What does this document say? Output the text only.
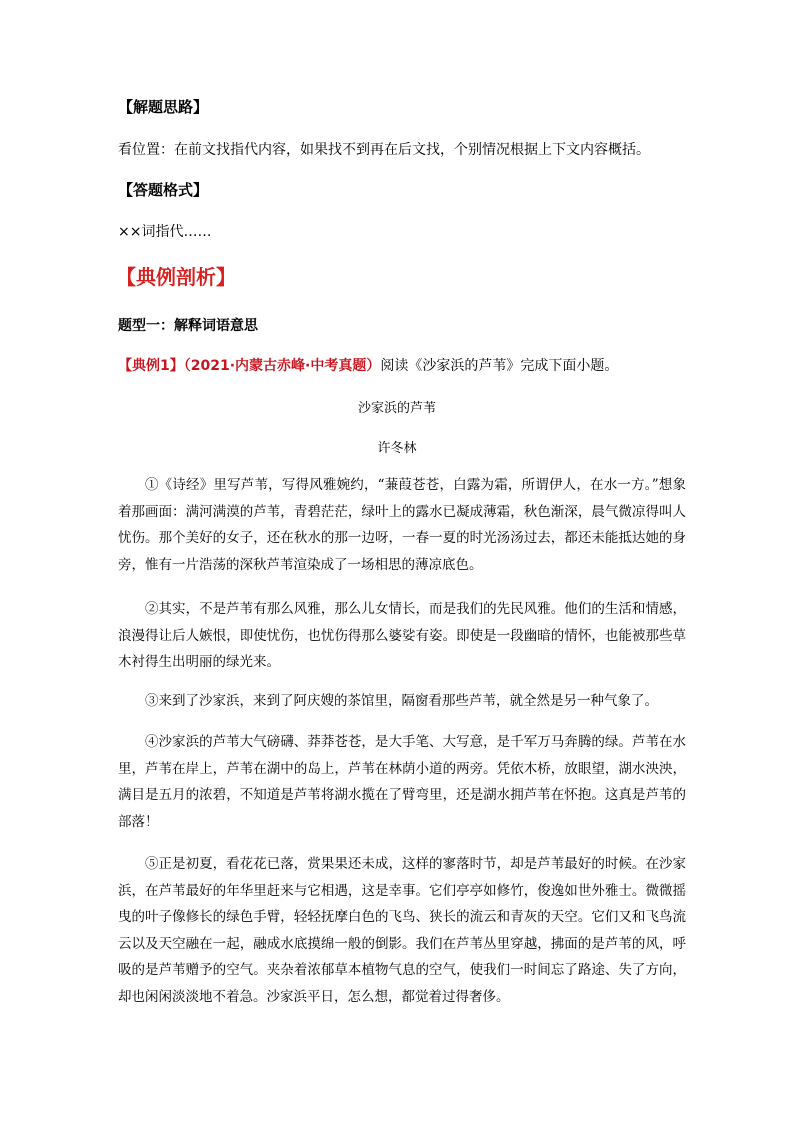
【解题思路】
看位置：在前文找指代内容，如果找不到再在后文找，个别情况根据上下文内容概括。
【答题格式】
××词指代……
【典例剖析】
题型一：解释词语意思
【典例1】（2021·内蒙古赤峰·中考真题）阅读《沙家浜的芦苇》完成下面小题。
沙家浜的芦苇
许冬林

①《诗经》里写芦苇，写得风雅婉约，“蒹葭苍苍，白露为霜，所谓伊人，在水一方。”想象着那画面：满河满漠的芦苇，青碧茫茫，绿叶上的露水已凝成薄霜，秋色渐深，晨气微凉得叫人忧伤。那个美好的女子，还在秋水的那一边呀，一春一夏的时光汤汤过去，都还未能抵达她的身旁，惟有一片浩荡的深秋芦苇渲染成了一场相思的薄凉底色。

②其实，不是芦苇有那么风雅，那么儿女情长，而是我们的先民风雅。他们的生活和情感，浪漫得让后人嫉恨，即使忧伤，也忧伤得那么婆娑有姿。即使是一段幽暗的情怀，也能被那些草木衬得生出明丽的绿光来。

③来到了沙家浜，来到了阿庆嫂的茶馆里，隔窗看那些芦苇，就全然是另一种气象了。

④沙家浜的芦苇大气磅礴、莽莽苍苍，是大手笔、大写意，是千军万马奔腾的绿。芦苇在水里，芦苇在岸上，芦苇在湖中的岛上，芦苇在林荫小道的两旁。凭依木桥，放眼望，湖水泱泱，满目是五月的浓碧，不知道是芦苇将湖水揽在了臂弯里，还是湖水拥芦苇在怀抱。这真是芦苇的部落！

⑤正是初夏，看花花已落，赏果果还未成，这样的寥落时节，却是芦苇最好的时候。在沙家浜，在芦苇最好的年华里赶来与它相遇，这是幸事。它们亭亭如修竹，俊逸如世外雅士。微微摇曳的叶子像修长的绿色手臂，轻轻抚摩白色的飞鸟、狭长的流云和青灰的天空。它们又和飞鸟流云以及天空融在一起，融成水底摸绵一般的倒影。我们在芦苇丛里穿越，拂面的是芦苇的风，呼吸的是芦苇赠予的空气。夹杂着浓郁草本植物气息的空气，使我们一时间忘了路途、失了方向，却也闲闲淡淡地不着急。沙家浜平日，怎么想，都觉着过得奢侈。
